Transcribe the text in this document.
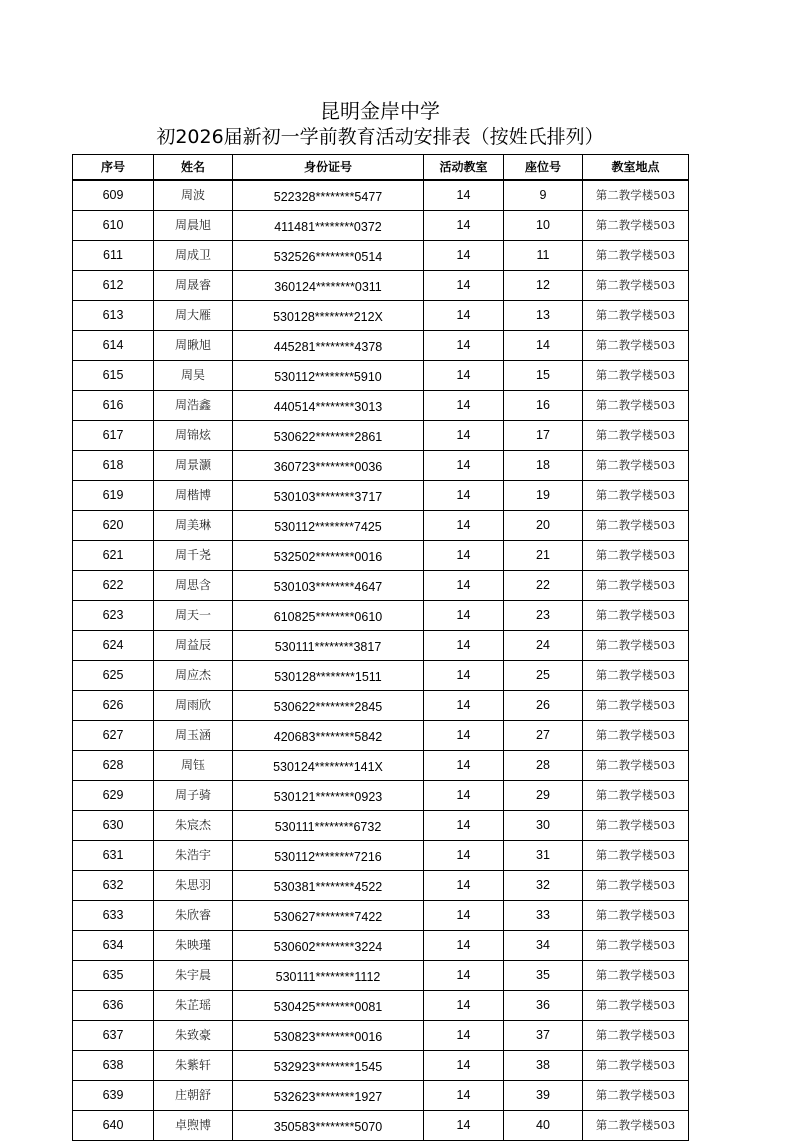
昆明金岸中学
初2026届新初一学前教育活动安排表（按姓氏排列）
序号	姓名	身份证号	活动教室	座位号	教室地点
609	周波	522328********5477	14	9	第二教学楼503
610	周晨旭	411481********0372	14	10	第二教学楼503
611	周成卫	532526********0514	14	11	第二教学楼503
612	周晟睿	360124********0311	14	12	第二教学楼503
613	周大雁	530128********212X	14	13	第二教学楼503
614	周瞅旭	445281********4378	14	14	第二教学楼503
615	周昊	530112********5910	14	15	第二教学楼503
616	周浩鑫	440514********3013	14	16	第二教学楼503
617	周锦炫	530622********2861	14	17	第二教学楼503
618	周景灏	360723********0036	14	18	第二教学楼503
619	周楷博	530103********3717	14	19	第二教学楼503
620	周美琳	530112********7425	14	20	第二教学楼503
621	周千尧	532502********0016	14	21	第二教学楼503
622	周思含	530103********4647	14	22	第二教学楼503
623	周天一	610825********0610	14	23	第二教学楼503
624	周益辰	530111********3817	14	24	第二教学楼503
625	周应杰	530128********1511	14	25	第二教学楼503
626	周雨欣	530622********2845	14	26	第二教学楼503
627	周玉涵	420683********5842	14	27	第二教学楼503
628	周钰	530124********141X	14	28	第二教学楼503
629	周子骑	530121********0923	14	29	第二教学楼503
630	朱宸杰	530111********6732	14	30	第二教学楼503
631	朱浩宇	530112********7216	14	31	第二教学楼503
632	朱思羽	530381********4522	14	32	第二教学楼503
633	朱欣睿	530627********7422	14	33	第二教学楼503
634	朱映瑾	530602********3224	14	34	第二教学楼503
635	朱宇晨	530111********1112	14	35	第二教学楼503
636	朱芷瑶	530425********0081	14	36	第二教学楼503
637	朱致豪	530823********0016	14	37	第二教学楼503
638	朱紫轩	532923********1545	14	38	第二教学楼503
639	庄朝舒	532623********1927	14	39	第二教学楼503
640	卓煦博	350583********5070	14	40	第二教学楼503
